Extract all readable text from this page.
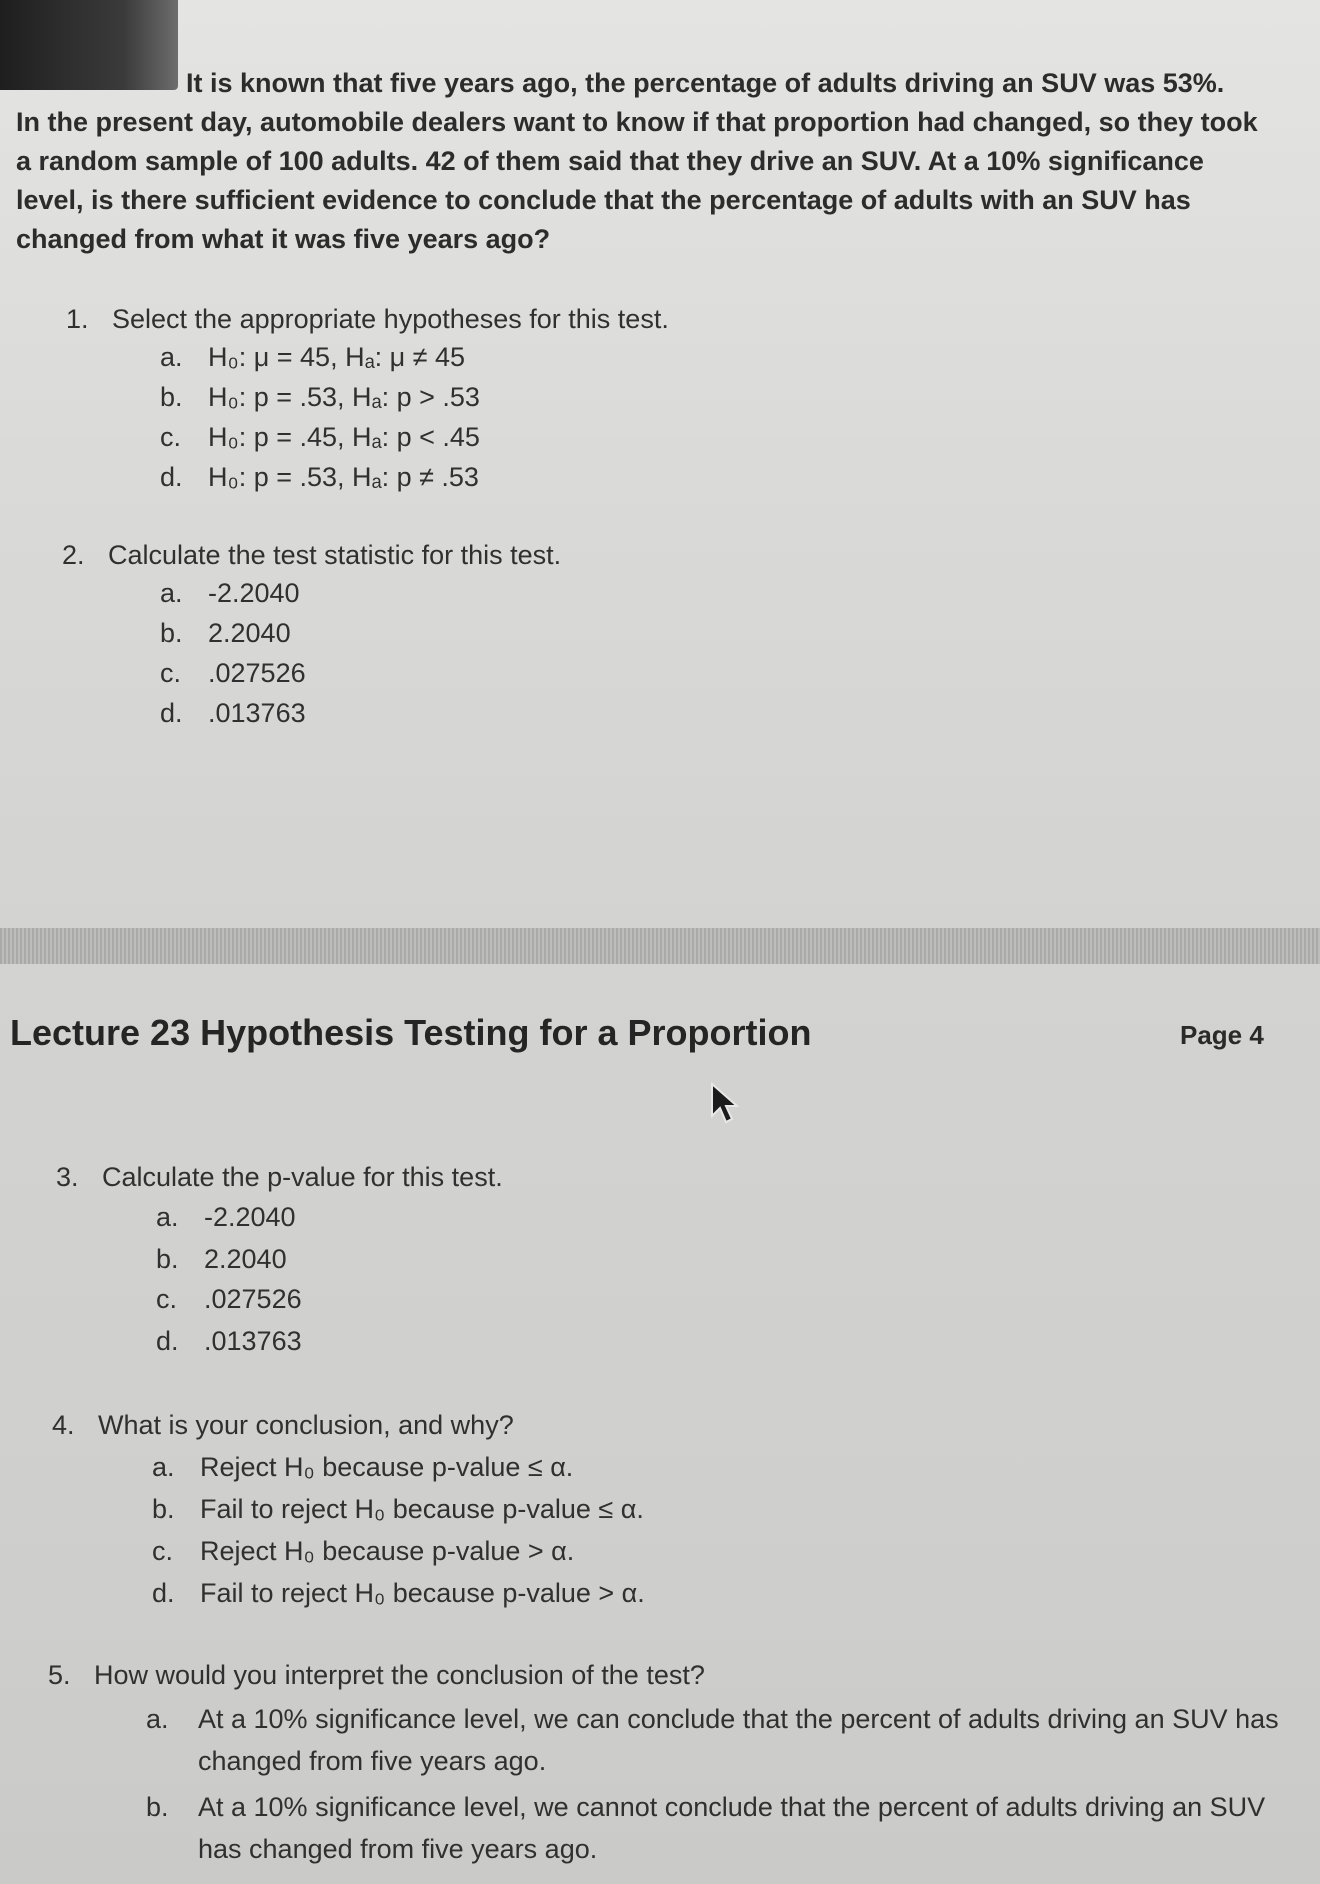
It is known that five years ago, the percentage of adults driving an SUV was 53%.
In the present day, automobile dealers want to know if that proportion had changed, so they took
a random sample of 100 adults. 42 of them said that they drive an SUV. At a 10% significance
level, is there sufficient evidence to conclude that the percentage of adults with an SUV has
changed from what it was five years ago?
1. Select the appropriate hypotheses for this test.
a. H₀: μ = 45, Hₐ: μ ≠ 45
b. H₀: p = .53, Hₐ: p > .53
c. H₀: p = .45, Hₐ: p < .45
d. H₀: p = .53, Hₐ: p ≠ .53
2. Calculate the test statistic for this test.
a. -2.2040
b. 2.2040
c. .027526
d. .013763
Lecture 23 Hypothesis Testing for a Proportion	Page 4
3. Calculate the p-value for this test.
a. -2.2040
b. 2.2040
c. .027526
d. .013763
4. What is your conclusion, and why?
a. Reject H₀ because p-value ≤ α.
b. Fail to reject H₀ because p-value ≤ α.
c. Reject H₀ because p-value > α.
d. Fail to reject H₀ because p-value > α.
5. How would you interpret the conclusion of the test?
a. At a 10% significance level, we can conclude that the percent of adults driving an SUV has changed from five years ago.
b. At a 10% significance level, we cannot conclude that the percent of adults driving an SUV has changed from five years ago.
